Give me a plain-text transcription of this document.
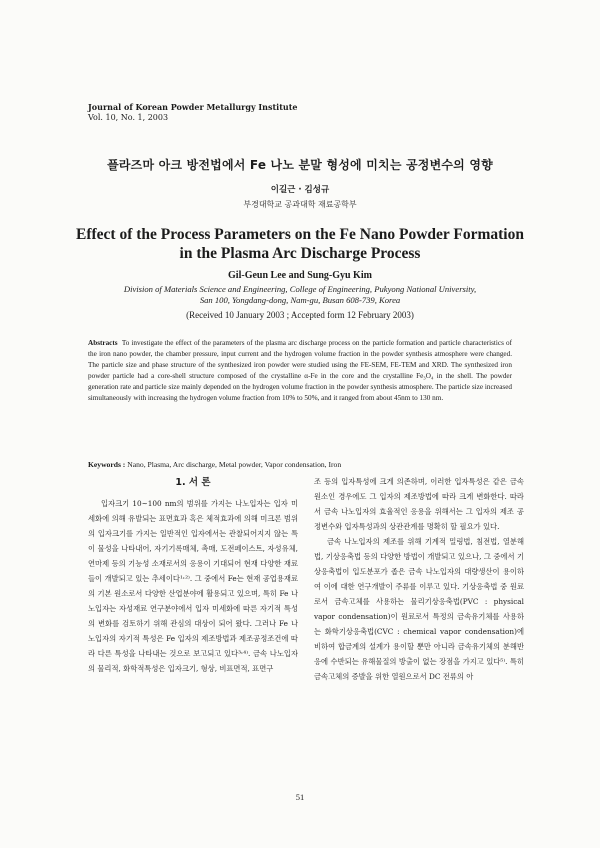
Journal of Korean Powder Metallurgy Institute
Vol. 10, No. 1, 2003
플라즈마 아크 방전법에서 Fe 나노 분말 형성에 미치는 공정변수의 영향
이길근 · 김성규
부경대학교 공과대학 재료공학부
Effect of the Process Parameters on the Fe Nano Powder Formation
in the Plasma Arc Discharge Process
Gil-Geun Lee and Sung-Gyu Kim
Division of Materials Science and Engineering, College of Engineering, Pukyong National University,
San 100, Yongdang-dong, Nam-gu, Busan 608-739, Korea
(Received 10 January 2003 ; Accepted form 12 February 2003)
Abstracts To investigate the effect of the parameters of the plasma arc discharge process on the particle formation and particle characteristics of the iron nano powder, the chamber pressure, input current and the hydrogen volume fraction in the powder synthesis atmosphere were changed. The particle size and phase structure of the synthesized iron powder were studied using the FE-SEM, FE-TEM and XRD. The synthesized iron powder particle had a core-shell structure composed of the crystalline α-Fe in the core and the crystalline Fe₃O₄ in the shell. The powder generation rate and particle size mainly depended on the hydrogen volume fraction in the powder synthesis atmosphere. The particle size increased simultaneously with increasing the hydrogen volume fraction from 10% to 50%, and it ranged from about 45nm to 130 nm.
Keywords : Nano, Plasma, Arc discharge, Metal powder, Vapor condensation, Iron
1. 서 론

입자크기 10~100 nm의 범위를 가지는 나노입자는 입자 미세화에 의해 유발되는 표면효과 혹은 체적효과에 의해 미크론 범위의 입자크기를 가지는 일반적인 입자에서는 관찰되어지지 않는 특이 물성을 나타내어, 자기기록매체, 촉매, 도전페이스트, 자성유체, 연마제 등의 기능성 소재로서의 응용이 기대되어 현재 다양한 재료들이 개발되고 있는 추세이다¹˒²⁾. 그 중에서 Fe는 현재 공업용재료의 기본 원소로서 다양한 산업분야에 활용되고 있으며, 특히 Fe 나노입자는 자성재료 연구분야에서 입자 미세화에 따른 자기적 특성의 변화를 검토하기 위해 관심의 대상이 되어 왔다. 그러나 Fe 나노입자의 자기적 특성은 Fe 입자의 제조방법과 제조공정조건에 따라 다른 특성을 나타내는 것으로 보고되고 있다³˒⁴⁾. 금속 나노입자의 물리적, 화학적특성은 입자크기, 형상, 비표면적, 표면구

조 등의 입자특성에 크게 의존하며, 이러한 입자특성은 같은 금속원소인 경우에도 그 입자의 제조방법에 따라 크게 변화한다. 따라서 금속 나노입자의 효율적인 응용을 위해서는 그 입자의 제조 공정변수와 입자특성과의 상관관계를 명확히 할 필요가 있다.

금속 나노입자의 제조를 위해 기계적 밀링법, 침전법, 열분해법, 기상응축법 등의 다양한 방법이 개발되고 있으나, 그 중에서 기상응축법이 입도분포가 좁은 금속 나노입자의 대량생산이 용이하여 이에 대한 연구개발이 주류를 이루고 있다. 기상응축법 중 원료로서 금속고체를 사용하는 물리기상응축법(PVC : physical vapor condensation)이 원료로서 특정의 금속유기체를 사용하는 화학기상응축법(CVC : chemical vapor condensation)에 비하여 합금계의 설계가 용이할 뿐만 아니라 금속유기체의 분해반응에 수반되는 유해물질의 방출이 없는 장점을 가지고 있다⁵⁾. 특히 금속고체의 증발을 위한 열원으로서 DC 전류의 아

51
